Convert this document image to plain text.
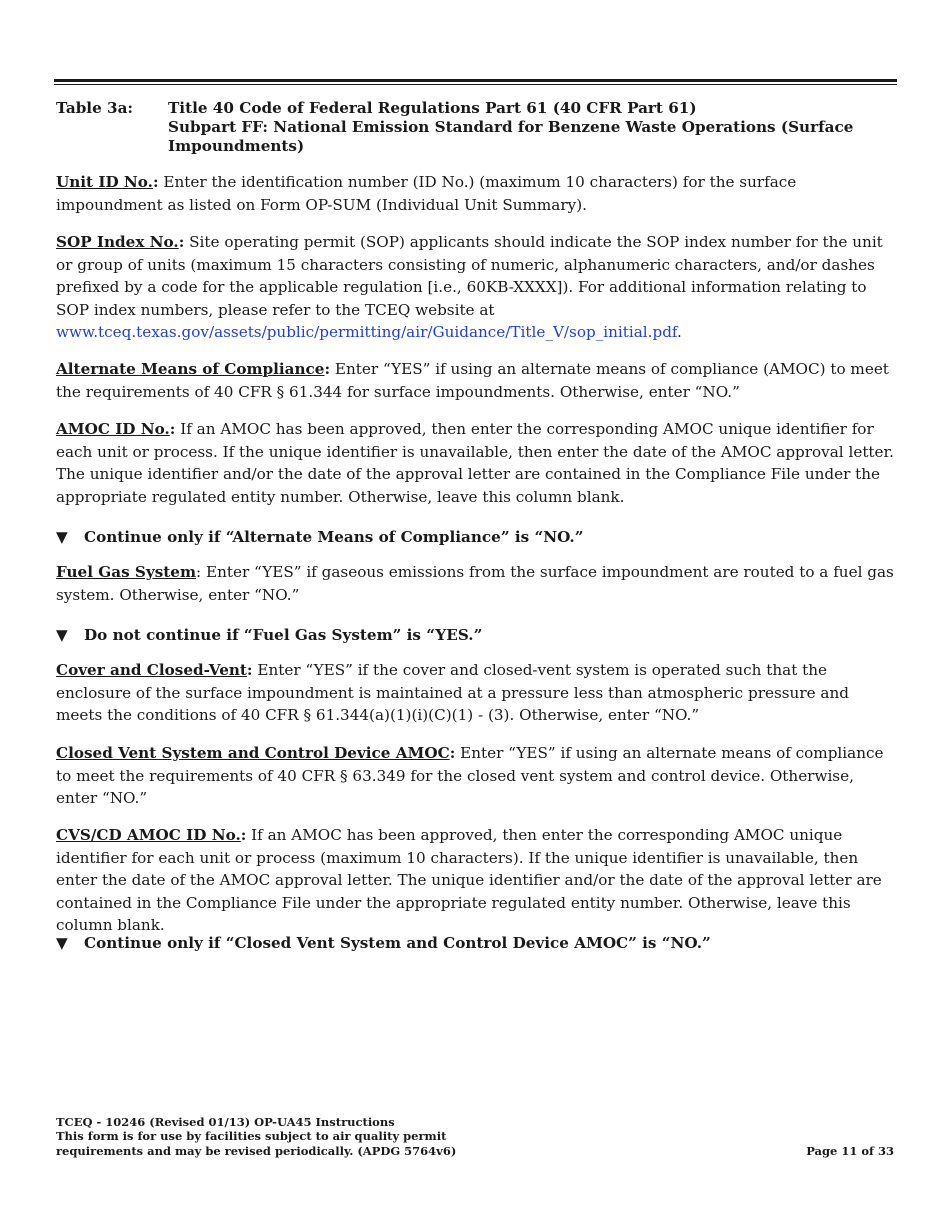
Table 3a: Title 40 Code of Federal Regulations Part 61 (40 CFR Part 61)
Subpart FF: National Emission Standard for Benzene Waste Operations (Surface
Impoundments)

Unit ID No.: Enter the identification number (ID No.) (maximum 10 characters) for the surface impoundment as listed on Form OP-SUM (Individual Unit Summary).

SOP Index No.: Site operating permit (SOP) applicants should indicate the SOP index number for the unit or group of units (maximum 15 characters consisting of numeric, alphanumeric characters, and/or dashes prefixed by a code for the applicable regulation [i.e., 60KB-XXXX]). For additional information relating to SOP index numbers, please refer to the TCEQ website at www.tceq.texas.gov/assets/public/permitting/air/Guidance/Title_V/sop_initial.pdf.

Alternate Means of Compliance: Enter “YES” if using an alternate means of compliance (AMOC) to meet the requirements of 40 CFR § 61.344 for surface impoundments. Otherwise, enter “NO.”

AMOC ID No.: If an AMOC has been approved, then enter the corresponding AMOC unique identifier for each unit or process. If the unique identifier is unavailable, then enter the date of the AMOC approval letter. The unique identifier and/or the date of the approval letter are contained in the Compliance File under the appropriate regulated entity number. Otherwise, leave this column blank.

▼ Continue only if “Alternate Means of Compliance” is “NO.”

Fuel Gas System: Enter “YES” if gaseous emissions from the surface impoundment are routed to a fuel gas system. Otherwise, enter “NO.”

▼ Do not continue if “Fuel Gas System” is “YES.”

Cover and Closed-Vent: Enter “YES” if the cover and closed-vent system is operated such that the enclosure of the surface impoundment is maintained at a pressure less than atmospheric pressure and meets the conditions of 40 CFR § 61.344(a)(1)(i)(C)(1) - (3). Otherwise, enter “NO.”

Closed Vent System and Control Device AMOC: Enter “YES” if using an alternate means of compliance to meet the requirements of 40 CFR § 63.349 for the closed vent system and control device. Otherwise, enter “NO.”

CVS/CD AMOC ID No.: If an AMOC has been approved, then enter the corresponding AMOC unique identifier for each unit or process (maximum 10 characters). If the unique identifier is unavailable, then enter the date of the AMOC approval letter. The unique identifier and/or the date of the approval letter are contained in the Compliance File under the appropriate regulated entity number. Otherwise, leave this column blank.

▼ Continue only if “Closed Vent System and Control Device AMOC” is “NO.”
TCEQ - 10246 (Revised 01/13) OP-UA45 Instructions
This form is for use by facilities subject to air quality permit
requirements and may be revised periodically. (APDG 5764v6)	Page 11 of 33
